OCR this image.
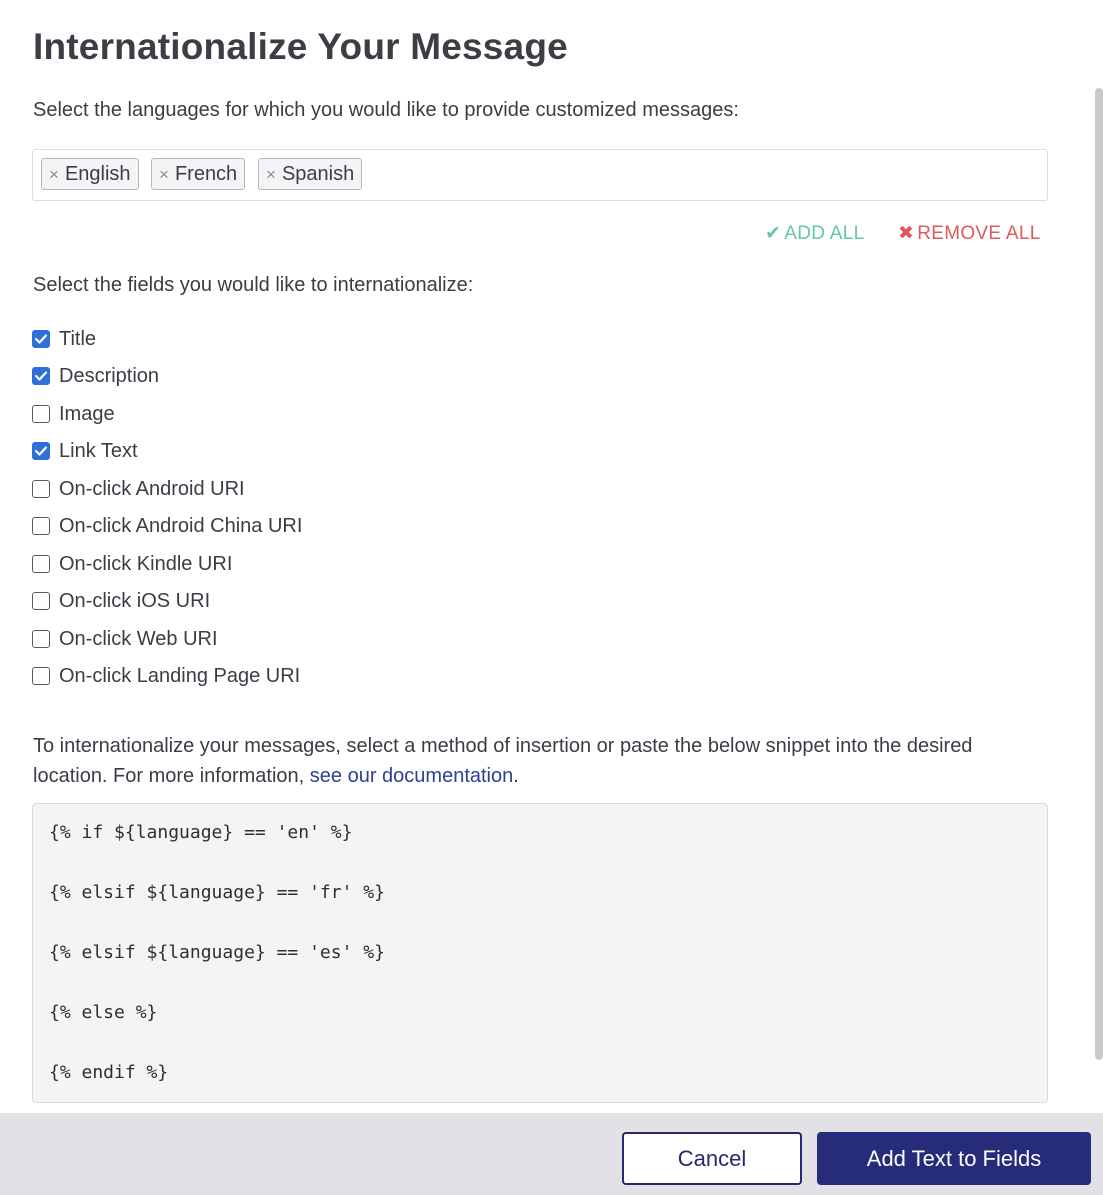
Internationalize Your Message
Select the languages for which you would like to provide customized messages:
× English	× French	× Spanish
✔ ADD ALL ✖ REMOVE ALL
Select the fields you would like to internationalize:
Title
Description
Image
Link Text
On-click Android URI
On-click Android China URI
On-click Kindle URI
On-click iOS URI
On-click Web URI
On-click Landing Page URI
To internationalize your messages, select a method of insertion or paste the below snippet into the desired location. For more information, see our documentation.
{% if ${language} == 'en' %}
{% elsif ${language} == 'fr' %}
{% elsif ${language} == 'es' %}
{% else %}
{% endif %}
Cancel	Add Text to Fields
